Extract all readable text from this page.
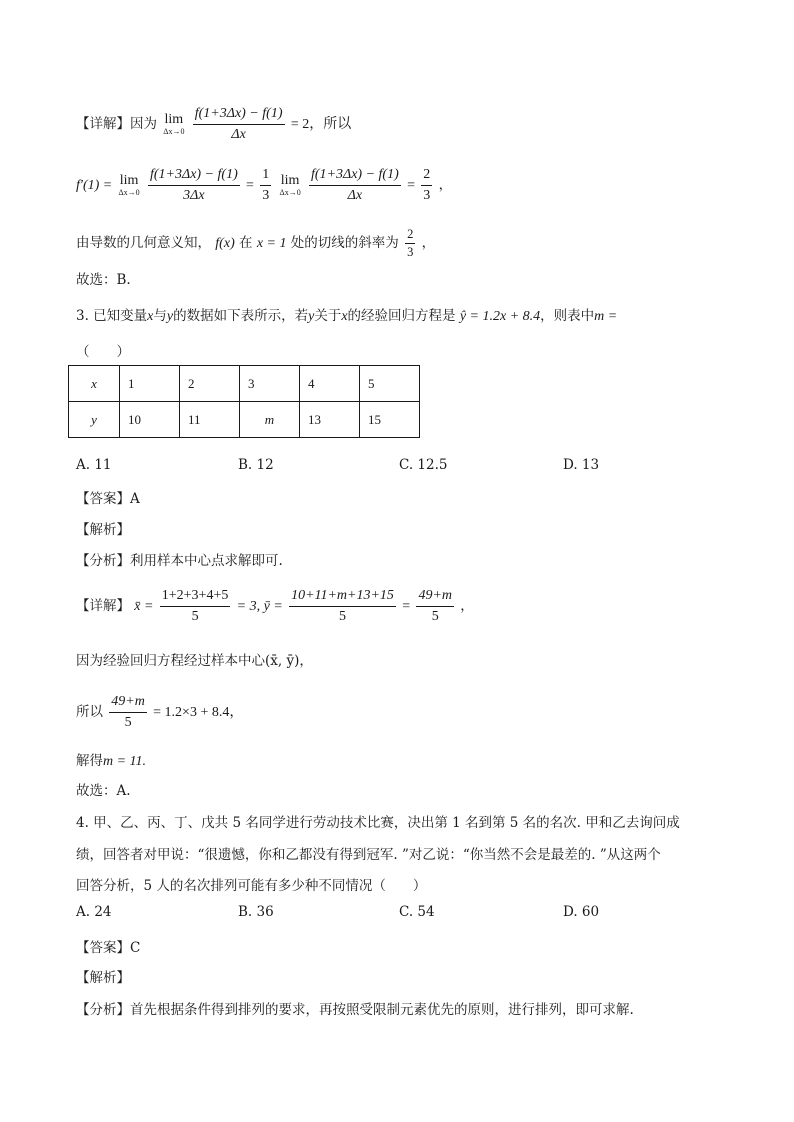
【详解】因为 lim
Δx→0
$\frac{f(1+3\Delta x) - f(1)}{\Delta x} = 2$，所以
f′(1) = lim
Δx→0
$\frac{f(1+3\Delta x) - f(1)}{3\Delta x} = \frac{1}{3}$
lim
Δx→0
$\frac{f(1+3\Delta x) - f(1)}{\Delta x} = \frac{2}{3}$ ，
由导数的几何意义知， f(x) 在 x = 1 处的切线的斜率为 $\frac{2}{3}$ ，
故选：B.
3. 已知变量x与y的数据如下表所示，若y关于x的经验回归方程是 ŷ = 1.2x + 8.4，则表中m =
（　　）
x	1	2	3	4	5
y	10	11	m	13	15
A. 11	B. 12	C. 12.5	D. 13
【答案】A
【解析】
【分析】利用样本中心点求解即可.
【详解】 x̄ = $\frac{1+2+3+4+5}{5} = 3$, ȳ = $\frac{10+11+m+13+15}{5} = \frac{49+m}{5}$ ，
因为经验回归方程经过样本中心(x̄, ȳ)，
所以 $\frac{49+m}{5} = 1.2\times 3 + 8.4$，
解得m = 11.
故选：A.
4. 甲、乙、丙、丁、戊共 5 名同学进行劳动技术比赛，决出第 1 名到第 5 名的名次. 甲和乙去询问成
绩，回答者对甲说：“很遗憾，你和乙都没有得到冠军. ”对乙说：“你当然不会是最差的. ”从这两个
回答分析，5 人的名次排列可能有多少种不同情况（　　）
A. 24	B. 36	C. 54	D. 60
【答案】C
【解析】
【分析】首先根据条件得到排列的要求，再按照受限制元素优先的原则，进行排列，即可求解.
